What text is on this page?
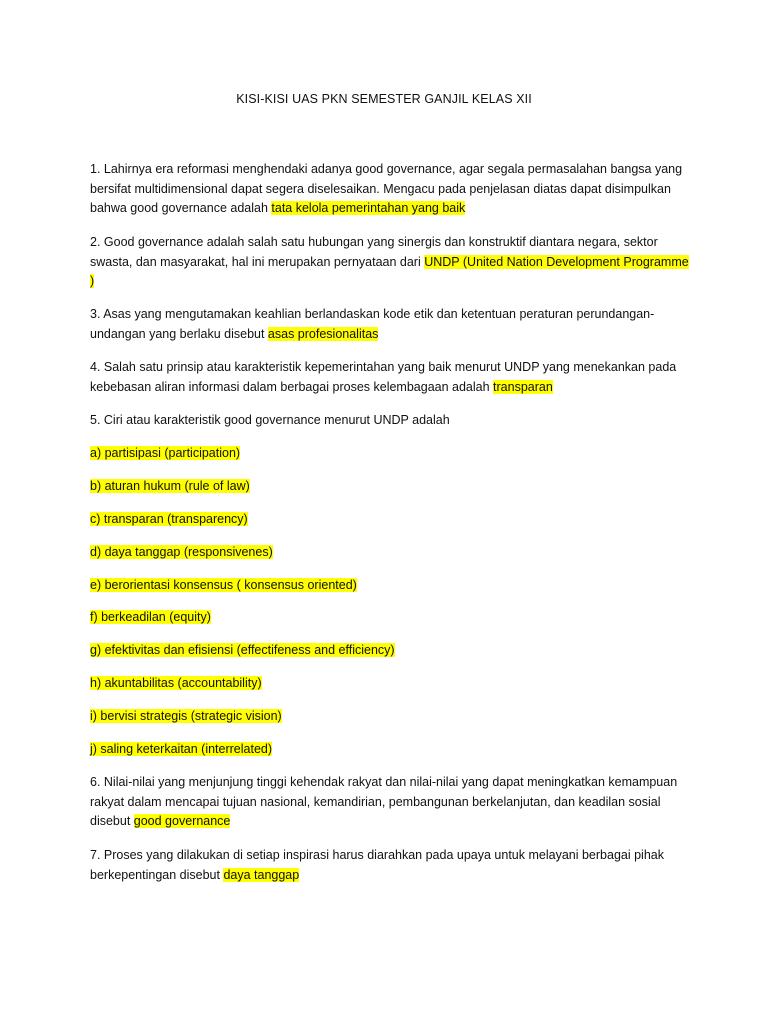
KISI-KISI UAS PKN SEMESTER GANJIL KELAS XII

1. Lahirnya era reformasi menghendaki adanya good governance, agar segala permasalahan bangsa yang bersifat multidimensional dapat segera diselesaikan. Mengacu pada penjelasan diatas dapat disimpulkan bahwa good governance adalah tata kelola pemerintahan yang baik

2. Good governance adalah salah satu hubungan yang sinergis dan konstruktif diantara negara, sektor swasta, dan masyarakat, hal ini merupakan pernyataan dari UNDP (United Nation Development Programme )

3. Asas yang mengutamakan keahlian berlandaskan kode etik dan ketentuan peraturan perundangan-undangan yang berlaku disebut asas profesionalitas

4. Salah satu prinsip atau karakteristik kepemerintahan yang baik menurut UNDP yang menekankan pada kebebasan aliran informasi dalam berbagai proses kelembagaan adalah transparan

5. Ciri atau karakteristik good governance menurut UNDP adalah

a) partisipasi (participation)

b) aturan hukum (rule of law)

c) transparan (transparency)

d) daya tanggap (responsivenes)

e) berorientasi konsensus ( konsensus oriented)

f) berkeadilan (equity)

g) efektivitas dan efisiensi (effectifeness and efficiency)

h) akuntabilitas (accountability)

i) bervisi strategis (strategic vision)

j) saling keterkaitan (interrelated)

6. Nilai-nilai yang menjunjung tinggi kehendak rakyat dan nilai-nilai yang dapat meningkatkan kemampuan rakyat dalam mencapai tujuan nasional, kemandirian, pembangunan berkelanjutan, dan keadilan sosial disebut good governance

7. Proses yang dilakukan di setiap inspirasi harus diarahkan pada upaya untuk melayani berbagai pihak berkepentingan disebut daya tanggap
